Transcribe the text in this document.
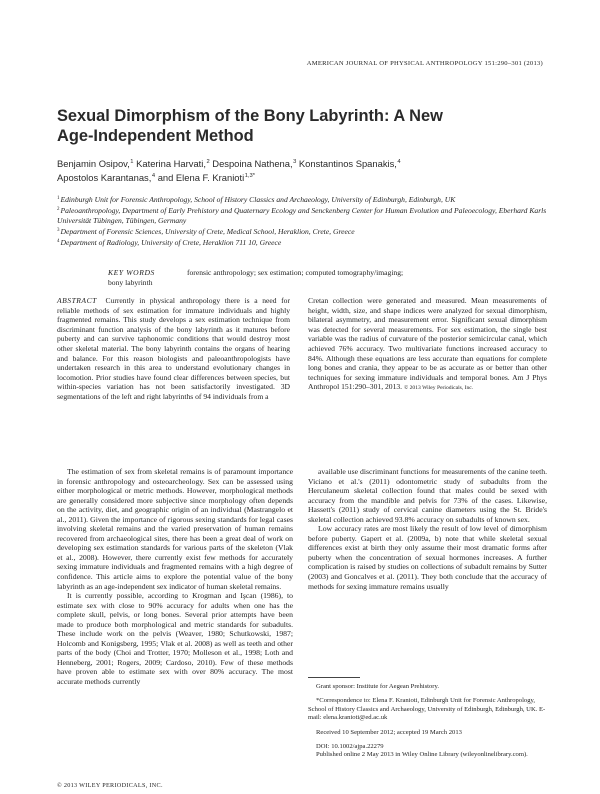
AMERICAN JOURNAL OF PHYSICAL ANTHROPOLOGY 151:290–301 (2013)
Sexual Dimorphism of the Bony Labyrinth: A New
Age-Independent Method
Benjamin Osipov,$^1$ Katerina Harvati,$^2$ Despoina Nathena,$^3$ Konstantinos Spanakis,$^4$
Apostolos Karantanas,$^4$ and Elena F. Kranioti$^{1,3*}$

$^1$Edinburgh Unit for Forensic Anthropology, School of History Classics and Archaeology, University of Edinburgh, Edinburgh, UK

$^2$Paleoanthropology, Department of Early Prehistory and Quaternary Ecology and Senckenberg Center for Human Evolution and Paleoecology, Eberhard Karls Universität Tübingen, Tübingen, Germany

$^3$Department of Forensic Sciences, University of Crete, Medical School, Heraklion, Crete, Greece

$^4$Department of Radiology, University of Crete, Heraklion 711 10, Greece

KEY WORDS	forensic anthropology; sex estimation; computed tomography/imaging;
bony labyrinth
ABSTRACT Currently in physical anthropology there is a need for reliable methods of sex estimation for immature individuals and highly fragmented remains. This study develops a sex estimation technique from discriminant function analysis of the bony labyrinth as it matures before puberty and can survive taphonomic conditions that would destroy most other skeletal material. The bony labyrinth contains the organs of hearing and balance. For this reason biologists and paleoanthropologists have undertaken research in this area to understand evolutionary changes in locomotion. Prior studies have found clear differences between species, but within-species variation has not been satisfactorily investigated. 3D segmentations of the left and right labyrinths of 94 individuals from a
Cretan collection were generated and measured. Mean measurements of height, width, size, and shape indices were analyzed for sexual dimorphism, bilateral asymmetry, and measurement error. Significant sexual dimorphism was detected for several measurements. For sex estimation, the single best variable was the radius of curvature of the posterior semicircular canal, which achieved 76% accuracy. Two multivariate functions increased accuracy to 84%. Although these equations are less accurate than equations for complete long bones and crania, they appear to be as accurate as or better than other techniques for sexing immature individuals and temporal bones. Am J Phys Anthropol 151:290–301, 2013. © 2013 Wiley Periodicals, Inc.

The estimation of sex from skeletal remains is of paramount importance in forensic anthropology and osteoarcheology. Sex can be assessed using either morphological or metric methods. However, morphological methods are generally considered more subjective since morphology often depends on the activity, diet, and geographic origin of an individual (Mastrangelo et al., 2011). Given the importance of rigorous sexing standards for legal cases involving skeletal remains and the varied preservation of human remains recovered from archaeological sites, there has been a great deal of work on developing sex estimation standards for various parts of the skeleton (Vlak et al., 2008). However, there currently exist few methods for accurately sexing immature individuals and fragmented remains with a high degree of confidence. This article aims to explore the potential value of the bony labyrinth as an age-independent sex indicator of human skeletal remains.

It is currently possible, according to Krogman and Işcan (1986), to estimate sex with close to 90% accuracy for adults when one has the complete skull, pelvis, or long bones. Several prior attempts have been made to produce both morphological and metric standards for subadults. These include work on the pelvis (Weaver, 1980; Schutkowski, 1987; Holcomb and Konigsberg, 1995; Vlak et al. 2008) as well as teeth and other parts of the body (Choi and Trotter, 1970; Molleson et al., 1998; Loth and Henneberg, 2001; Rogers, 2009; Cardoso, 2010). Few of these methods have proven able to estimate sex with over 80% accuracy. The most accurate methods currently

available use discriminant functions for measurements of the canine teeth. Viciano et al.'s (2011) odontometric study of subadults from the Herculaneum skeletal collection found that males could be sexed with accuracy from the mandible and pelvis for 73% of the cases. Likewise, Hassett's (2011) study of cervical canine diameters using the St. Bride's skeletal collection achieved 93.8% accuracy on subadults of known sex.

Low accuracy rates are most likely the result of low level of dimorphism before puberty. Gapert et al. (2009a, b) note that while skeletal sexual differences exist at birth they only assume their most dramatic forms after puberty when the concentration of sexual hormones increases. A further complication is raised by studies on collections of subadult remains by Sutter (2003) and Goncalves et al. (2011). They both conclude that the accuracy of methods for sexing immature remains usually

Grant sponsor: Institute for Aegean Prehistory.

*Correspondence to: Elena F. Kranioti, Edinburgh Unit for Forensic Anthropology, School of History Classics and Archaeology, University of Edinburgh, Edinburgh, UK. E-mail: elena.kranioti@ed.ac.uk

Received 10 September 2012; accepted 19 March 2013

DOI: 10.1002/ajpa.22279

Published online 2 May 2013 in Wiley Online Library (wileyonlinelibrary.com).

© 2013 WILEY PERIODICALS, INC.
